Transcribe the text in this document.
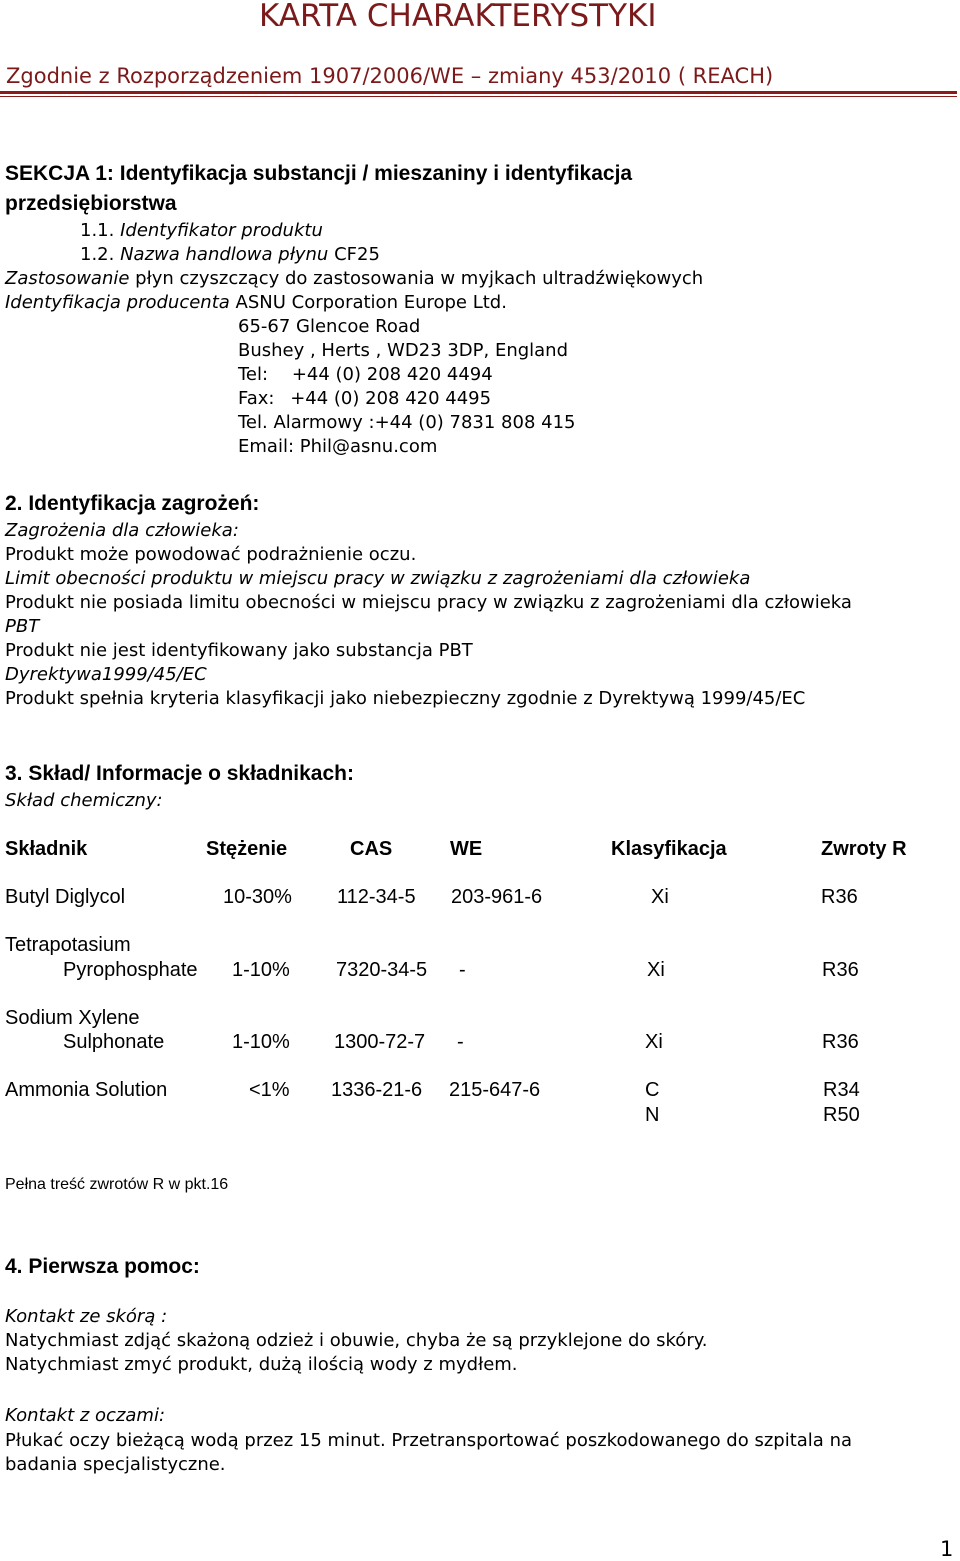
KARTA CHARAKTERYSTYKI
Zgodnie z Rozporządzeniem 1907/2006/WE – zmiany 453/2010 ( REACH)
SEKCJA 1: Identyfikacja substancji / mieszaniny i identyfikacja
przedsiębiorstwa
1.1. Identyfikator produktu
1.2. Nazwa handlowa płynu CF25
Zastosowanie płyn czyszczący do zastosowania w myjkach ultradźwiękowych
Identyfikacja producenta ASNU Corporation Europe Ltd.
65-67 Glencoe Road
Bushey , Herts , WD23 3DP, England
Tel: +44 (0) 208 420 4494
Fax: +44 (0) 208 420 4495
Tel. Alarmowy :+44 (0) 7831 808 415
Email: Phil@asnu.com
2. Identyfikacja zagrożeń:
Zagrożenia dla człowieka:
Produkt może powodować podrażnienie oczu.
Limit obecności produktu w miejscu pracy w związku z zagrożeniami dla człowieka
Produkt nie posiada limitu obecności w miejscu pracy w związku z zagrożeniami dla człowieka
PBT
Produkt nie jest identyfikowany jako substancja PBT
Dyrektywa1999/45/EC
Produkt spełnia kryteria klasyfikacji jako niebezpieczny zgodnie z Dyrektywą 1999/45/EC
3. Skład/ Informacje o składnikach:
Skład chemiczny:
Składnik	Stężenie	CAS	WE	Klasyfikacja	Zwroty R
Butyl Diglycol	10-30% 112-34-5 203-961-6	Xi	R36
Tetrapotasium
Pyrophosphate 1-10% 7320-34-5 -	Xi	R36
Sodium Xylene
Sulphonate	1-10% 1300-72-7 -	Xi	R36
Ammonia Solution	<1% 1336-21-6 215-647-6	C	R34
N	R50
Pełna treść zwrotów R w pkt.16
4. Pierwsza pomoc:
Kontakt ze skórą :
Natychmiast zdjąć skażoną odzież i obuwie, chyba że są przyklejone do skóry.
Natychmiast zmyć produkt, dużą ilością wody z mydłem.
Kontakt z oczami:
Płukać oczy bieżącą wodą przez 15 minut. Przetransportować poszkodowanego do szpitala na
badania specjalistyczne.
1
